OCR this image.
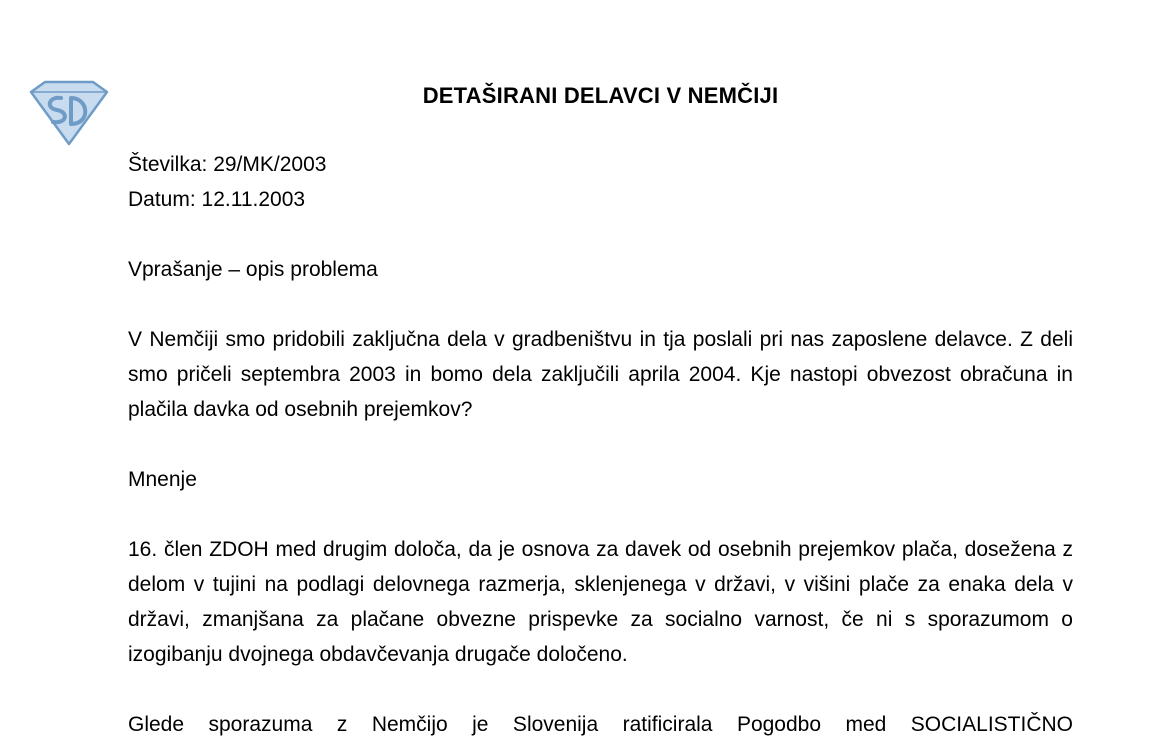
DETAŠIRANI DELAVCI V NEMČIJI

Številka: 29/MK/2003

Datum: 12.11.2003

Vprašanje – opis problema

V Nemčiji smo pridobili zaključna dela v gradbeništvu in tja poslali pri nas zaposlene delavce. Z deli smo pričeli septembra 2003 in bomo dela zaključili aprila 2004. Kje nastopi obvezost obračuna in plačila davka od osebnih prejemkov?

Mnenje

16. člen ZDOH med drugim določa, da je osnova za davek od osebnih prejemkov plača, dosežena z delom v tujini na podlagi delovnega razmerja, sklenjenega v državi, v višini plače za enaka dela v državi, zmanjšana za plačane obvezne prispevke za socialno varnost, če ni s sporazumom o izogibanju dvojnega obdavčevanja drugače določeno.

Glede sporazuma z Nemčijo je Slovenija ratificirala Pogodbo med SOCIALISTIČNO
